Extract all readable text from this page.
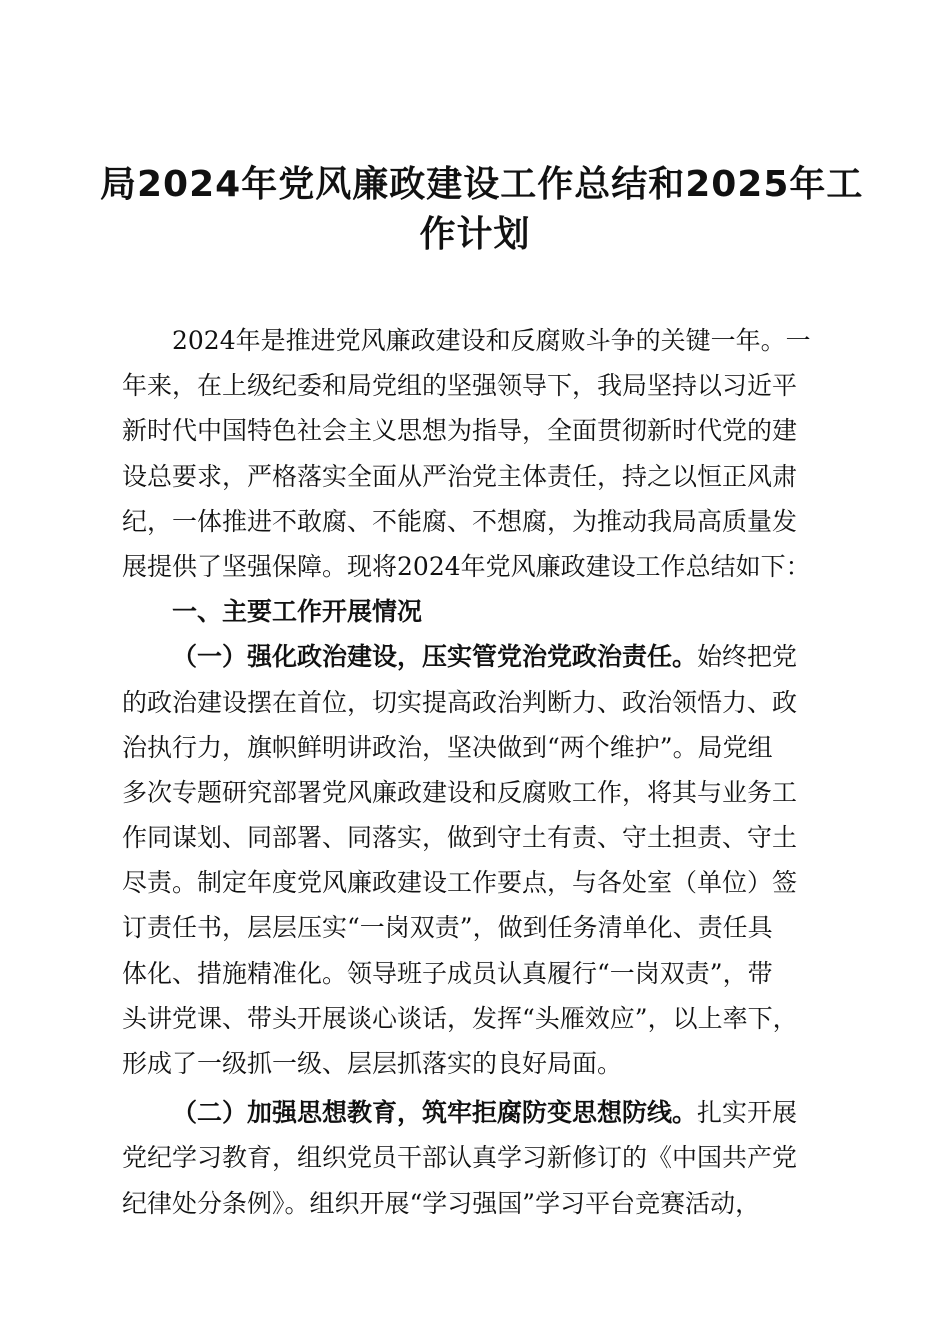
局2024年党风廉政建设工作总结和2025年工
作计划
2024年是推进党风廉政建设和反腐败斗争的关键一年。一
年来，在上级纪委和局党组的坚强领导下，我局坚持以习近平
新时代中国特色社会主义思想为指导，全面贯彻新时代党的建
设总要求，严格落实全面从严治党主体责任，持之以恒正风肃
纪，一体推进不敢腐、不能腐、不想腐，为推动我局高质量发
展提供了坚强保障。现将2024年党风廉政建设工作总结如下：
一、主要工作开展情况
（一）强化政治建设，压实管党治党政治责任。始终把党
的政治建设摆在首位，切实提高政治判断力、政治领悟力、政
治执行力，旗帜鲜明讲政治，坚决做到“两个维护”。局党组
多次专题研究部署党风廉政建设和反腐败工作，将其与业务工
作同谋划、同部署、同落实，做到守土有责、守土担责、守土
尽责。制定年度党风廉政建设工作要点，与各处室（单位）签
订责任书，层层压实“一岗双责”，做到任务清单化、责任具
体化、措施精准化。领导班子成员认真履行“一岗双责”，带
头讲党课、带头开展谈心谈话，发挥“头雁效应”，以上率下，
形成了一级抓一级、层层抓落实的良好局面。
（二）加强思想教育，筑牢拒腐防变思想防线。扎实开展
党纪学习教育，组织党员干部认真学习新修订的《中国共产党
纪律处分条例》。组织开展“学习强国”学习平台竞赛活动，
